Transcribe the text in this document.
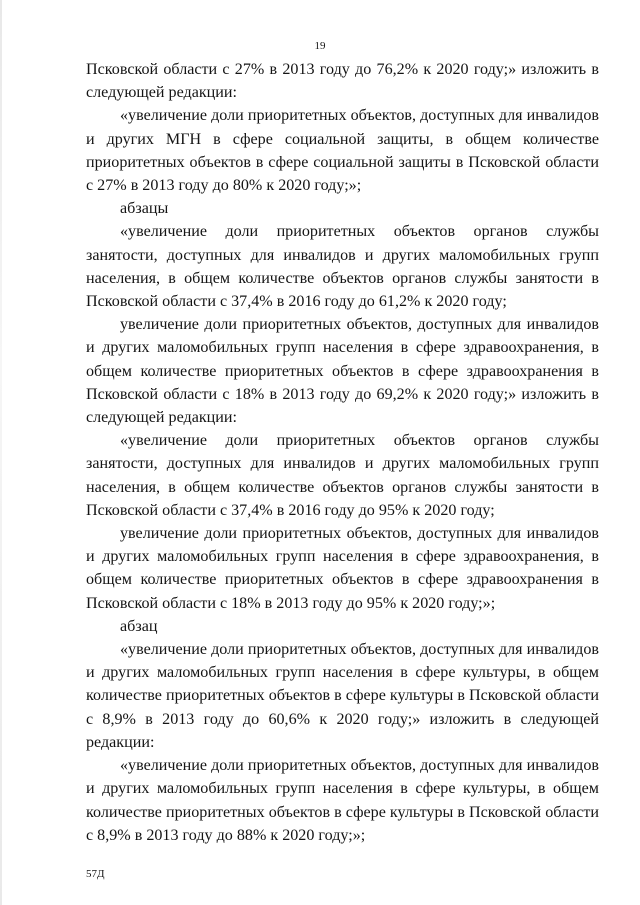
19

Псковской области с 27% в 2013 году до 76,2% к 2020 году;» изложить в следующей редакции:

«увеличение доли приоритетных объектов, доступных для инвалидов и других МГН в сфере социальной защиты, в общем количестве приоритетных объектов в сфере социальной защиты в Псковской области с 27% в 2013 году до 80% к 2020 году;»;

абзацы

«увеличение доли приоритетных объектов органов службы занятости, доступных для инвалидов и других маломобильных групп населения, в общем количестве объектов органов службы занятости в Псковской области с 37,4% в 2016 году до 61,2% к 2020 году;

увеличение доли приоритетных объектов, доступных для инвалидов и других маломобильных групп населения в сфере здравоохранения, в общем количестве приоритетных объектов в сфере здравоохранения в Псковской области с 18% в 2013 году до 69,2% к 2020 году;» изложить в следующей редакции:

«увеличение доли приоритетных объектов органов службы занятости, доступных для инвалидов и других маломобильных групп населения, в общем количестве объектов органов службы занятости в Псковской области с 37,4% в 2016 году до 95% к 2020 году;

увеличение доли приоритетных объектов, доступных для инвалидов и других маломобильных групп населения в сфере здравоохранения, в общем количестве приоритетных объектов в сфере здравоохранения в Псковской области с 18% в 2013 году до 95% к 2020 году;»;

абзац

«увеличение доли приоритетных объектов, доступных для инвалидов и других маломобильных групп населения в сфере культуры, в общем количестве приоритетных объектов в сфере культуры в Псковской области с 8,9% в 2013 году до 60,6% к 2020 году;» изложить в следующей редакции:

«увеличение доли приоритетных объектов, доступных для инвалидов и других маломобильных групп населения в сфере культуры, в общем количестве приоритетных объектов в сфере культуры в Псковской области с 8,9% в 2013 году до 88% к 2020 году;»;

57Д
